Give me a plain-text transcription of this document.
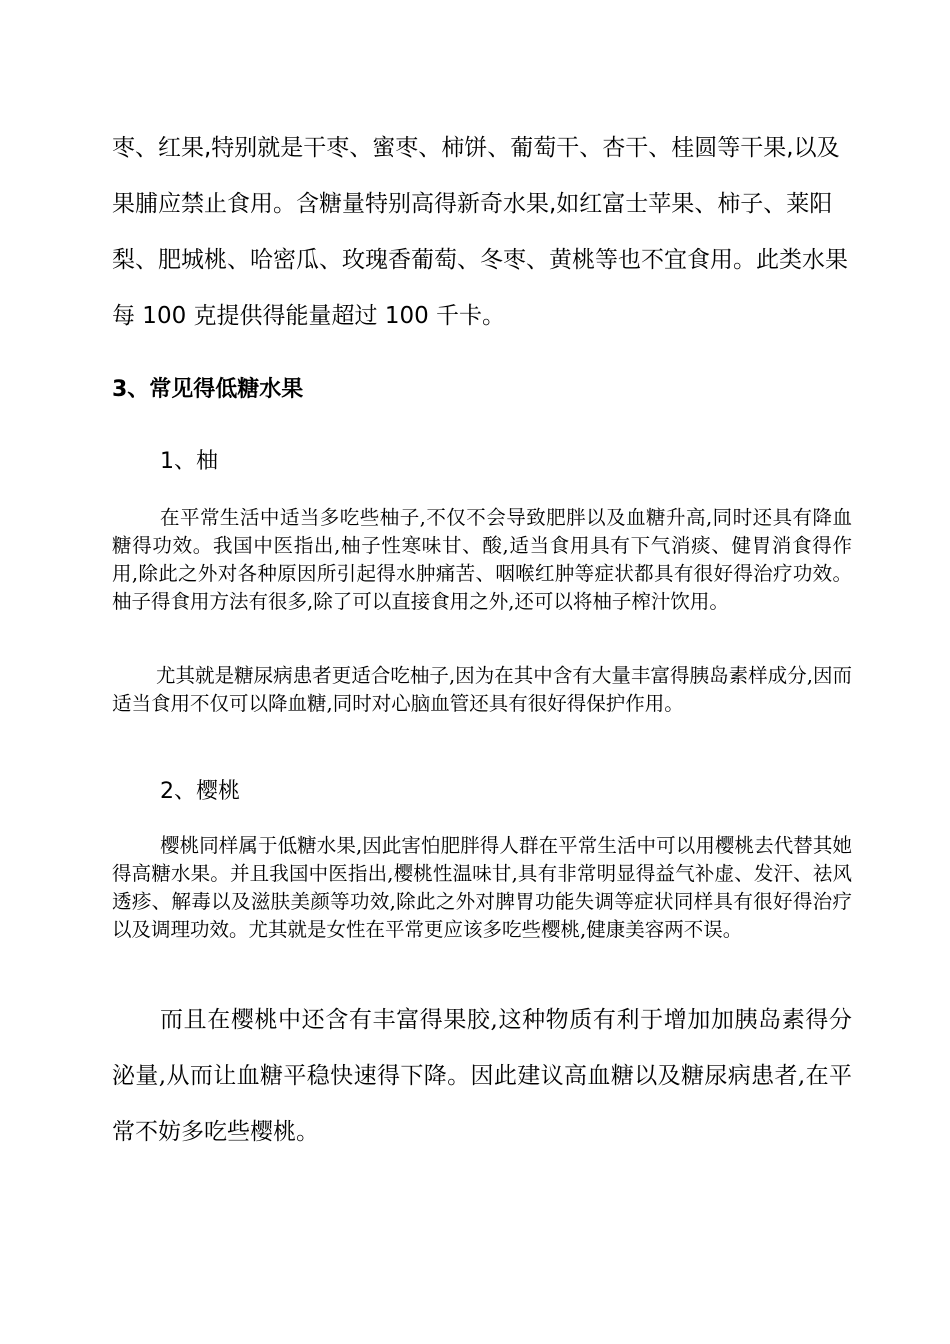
枣、红果,特别就是干枣、蜜枣、柿饼、葡萄干、杏干、桂圆等干果,以及果脯应禁止食用。含糖量特别高得新奇水果,如红富士苹果、柿子、莱阳梨、肥城桃、哈密瓜、玫瑰香葡萄、冬枣、黄桃等也不宜食用。此类水果每 100 克提供得能量超过 100 千卡。

3、常见得低糖水果

1、柚

在平常生活中适当多吃些柚子,不仅不会导致肥胖以及血糖升高,同时还具有降血糖得功效。我国中医指出,柚子性寒味甘、酸,适当食用具有下气消痰、健胃消食得作用,除此之外对各种原因所引起得水肿痛苦、咽喉红肿等症状都具有很好得治疗功效。柚子得食用方法有很多,除了可以直接食用之外,还可以将柚子榨汁饮用。

尤其就是糖尿病患者更适合吃柚子,因为在其中含有大量丰富得胰岛素样成分,因而适当食用不仅可以降血糖,同时对心脑血管还具有很好得保护作用。

2、樱桃

樱桃同样属于低糖水果,因此害怕肥胖得人群在平常生活中可以用樱桃去代替其她得高糖水果。并且我国中医指出,樱桃性温味甘,具有非常明显得益气补虚、发汗、祛风透疹、解毒以及滋肤美颜等功效,除此之外对脾胃功能失调等症状同样具有很好得治疗以及调理功效。尤其就是女性在平常更应该多吃些樱桃,健康美容两不误。

而且在樱桃中还含有丰富得果胶,这种物质有利于增加加胰岛素得分泌量,从而让血糖平稳快速得下降。因此建议高血糖以及糖尿病患者,在平常不妨多吃些樱桃。
